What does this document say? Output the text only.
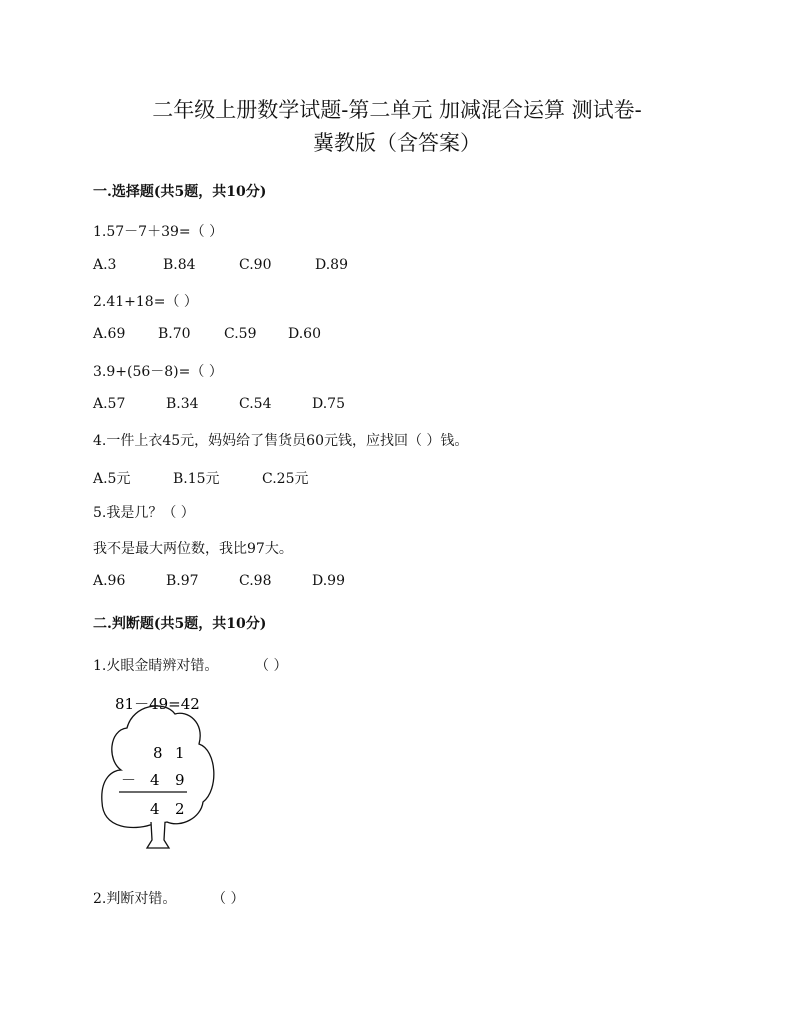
二年级上册数学试题-第二单元 加减混合运算 测试卷-
冀教版（含答案）
一.选择题(共5题，共10分)
1.57－7＋39=（ ）
A.3	B.84	C.90	D.89
2.41+18=（ ）
A.69 B.70 C.59 D.60
3.9+(56－8)=（ ）
A.57	B.34	C.54	D.75
4.一件上衣45元，妈妈给了售货员60元钱，应找回（ ）钱。
A.5元	B.15元	C.25元
5.我是几？（ ）
我不是最大两位数，我比97大。
A.96	B.97	C.98	D.99
二.判断题(共5题，共10分)
1.火眼金睛辨对错。	（ ）
81－49=42
8 1
－ 4 9
4 2
2.判断对错。	（ ）
